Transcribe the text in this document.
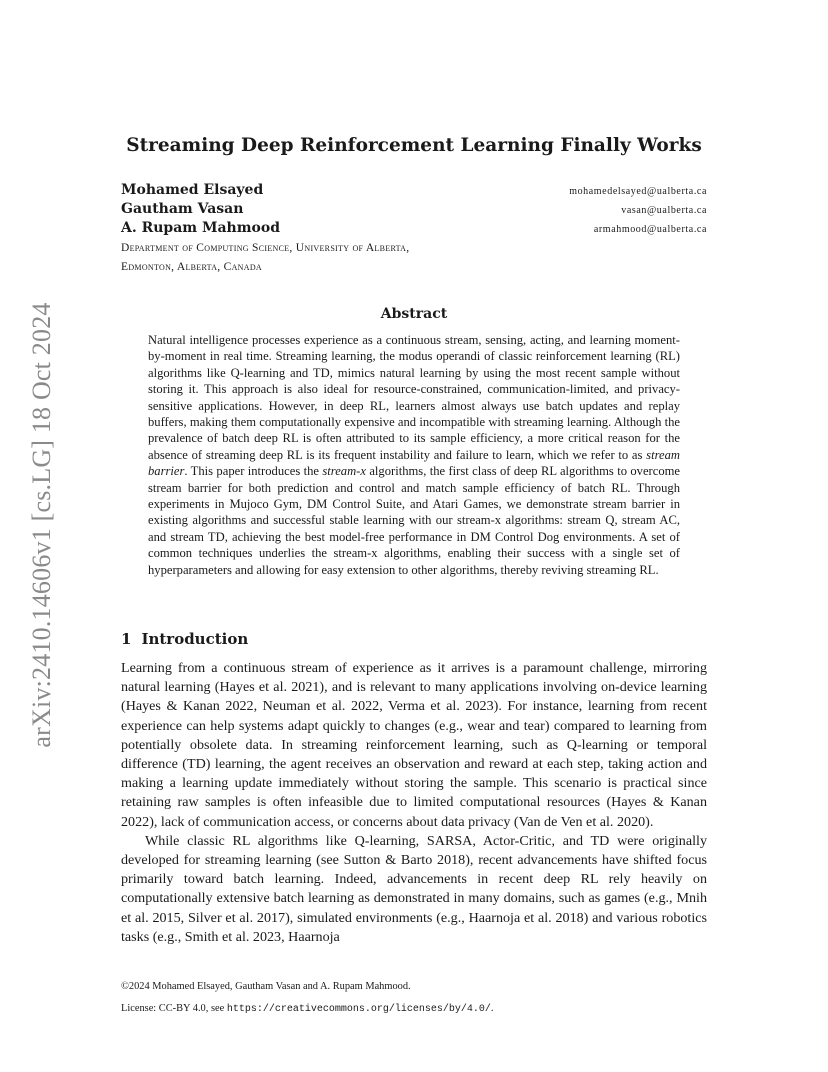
arXiv:2410.14606v1 [cs.LG] 18 Oct 2024
Streaming Deep Reinforcement Learning Finally Works
Mohamed Elsayed	mohamedelsayed@ualberta.ca
Gautham Vasan	vasan@ualberta.ca
A. Rupam Mahmood	armahmood@ualberta.ca
Department of Computing Science, University of Alberta,
Edmonton, Alberta, Canada
Abstract
Natural intelligence processes experience as a continuous stream, sensing, acting, and learning moment-by-moment in real time. Streaming learning, the modus operandi of classic reinforcement learning (RL) algorithms like Q-learning and TD, mimics natural learning by using the most recent sample without storing it. This approach is also ideal for resource-constrained, communication-limited, and privacy-sensitive applications. However, in deep RL, learners almost always use batch updates and replay buffers, making them computationally expensive and incompatible with streaming learning. Although the prevalence of batch deep RL is often attributed to its sample efficiency, a more critical reason for the absence of streaming deep RL is its frequent instability and failure to learn, which we refer to as stream barrier. This paper introduces the stream-x algorithms, the first class of deep RL algorithms to overcome stream barrier for both prediction and control and match sample efficiency of batch RL. Through experiments in Mujoco Gym, DM Control Suite, and Atari Games, we demonstrate stream barrier in existing algorithms and successful stable learning with our stream-x algorithms: stream Q, stream AC, and stream TD, achieving the best model-free performance in DM Control Dog environments. A set of common techniques underlies the stream-x algorithms, enabling their success with a single set of hyperparameters and allowing for easy extension to other algorithms, thereby reviving streaming RL.
1 Introduction

Learning from a continuous stream of experience as it arrives is a paramount challenge, mirroring natural learning (Hayes et al. 2021), and is relevant to many applications involving on-device learning (Hayes & Kanan 2022, Neuman et al. 2022, Verma et al. 2023). For instance, learning from recent experience can help systems adapt quickly to changes (e.g., wear and tear) compared to learning from potentially obsolete data. In streaming reinforcement learning, such as Q-learning or temporal difference (TD) learning, the agent receives an observation and reward at each step, taking action and making a learning update immediately without storing the sample. This scenario is practical since retaining raw samples is often infeasible due to limited computational resources (Hayes & Kanan 2022), lack of communication access, or concerns about data privacy (Van de Ven et al. 2020).

While classic RL algorithms like Q-learning, SARSA, Actor-Critic, and TD were originally developed for streaming learning (see Sutton & Barto 2018), recent advancements have shifted focus primarily toward batch learning. Indeed, advancements in recent deep RL rely heavily on computationally extensive batch learning as demonstrated in many domains, such as games (e.g., Mnih et al. 2015, Silver et al. 2017), simulated environments (e.g., Haarnoja et al. 2018) and various robotics tasks (e.g., Smith et al. 2023, Haarnoja

©2024 Mohamed Elsayed, Gautham Vasan and A. Rupam Mahmood.
License: CC-BY 4.0, see https://creativecommons.org/licenses/by/4.0/.
